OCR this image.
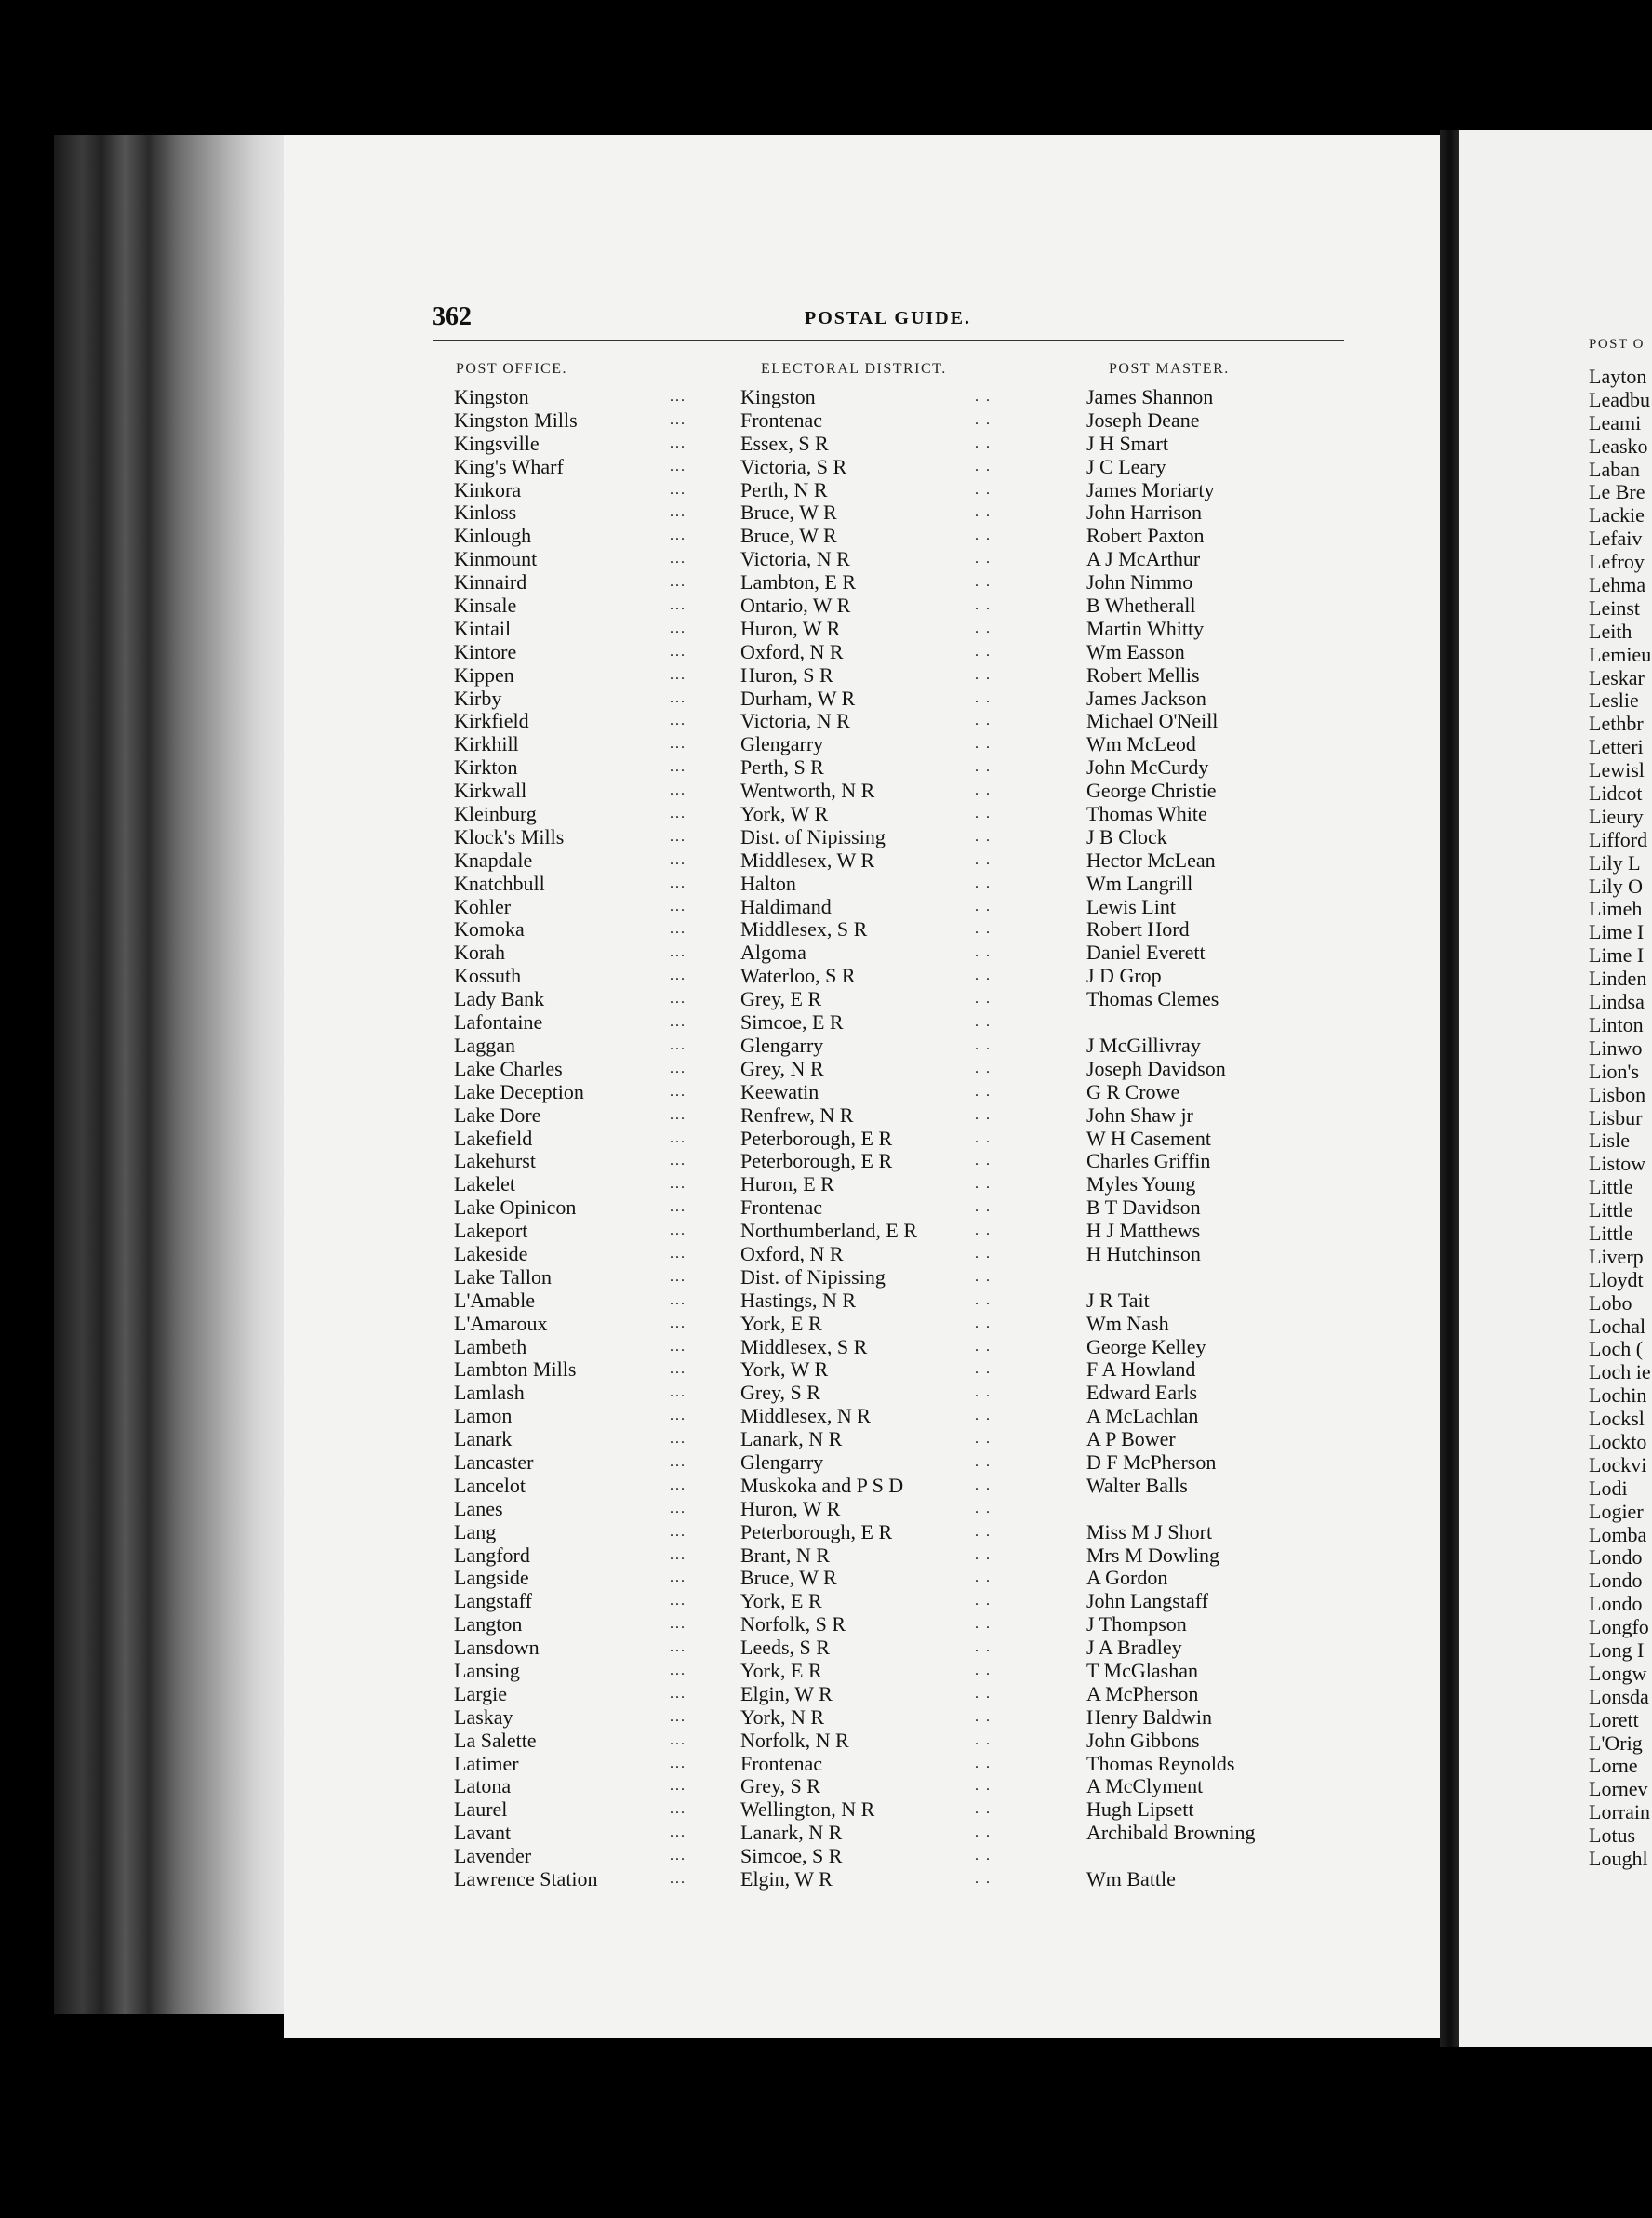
362	POSTAL GUIDE.
POST OFFICE.	ELECTORAL DISTRICT.	POST MASTER.
Kingston	...	Kingston	. .	James Shannon
Kingston Mills	...	Frontenac	. .	Joseph Deane
Kingsville	...	Essex, S R	. .	J H Smart
King's Wharf	...	Victoria, S R	. .	J C Leary
Kinkora	...	Perth, N R	. .	James Moriarty
Kinloss	...	Bruce, W R	. .	John Harrison
Kinlough	...	Bruce, W R	. .	Robert Paxton
Kinmount	...	Victoria, N R	. .	A J McArthur
Kinnaird	...	Lambton, E R	. .	John Nimmo
Kinsale	...	Ontario, W R	. .	B Whetherall
Kintail	...	Huron, W R	. .	Martin Whitty
Kintore	...	Oxford, N R	. .	Wm Easson
Kippen	...	Huron, S R	. .	Robert Mellis
Kirby	...	Durham, W R	. .	James Jackson
Kirkfield	...	Victoria, N R	. .	Michael O'Neill
Kirkhill	...	Glengarry	. .	Wm McLeod
Kirkton	...	Perth, S R	. .	John McCurdy
Kirkwall	...	Wentworth, N R	. .	George Christie
Kleinburg	...	York, W R	. .	Thomas White
Klock's Mills	...	Dist. of Nipissing	. .	J B Clock
Knapdale	...	Middlesex, W R	. .	Hector McLean
Knatchbull	...	Halton	. .	Wm Langrill
Kohler	...	Haldimand	. .	Lewis Lint
Komoka	...	Middlesex, S R	. .	Robert Hord
Korah	...	Algoma	. .	Daniel Everett
Kossuth	...	Waterloo, S R	. .	J D Grop
Lady Bank	...	Grey, E R	. .	Thomas Clemes
Lafontaine	...	Simcoe, E R	. .
Laggan	...	Glengarry	. .	J McGillivray
Lake Charles	...	Grey, N R	. .	Joseph Davidson
Lake Deception	...	Keewatin	. .	G R Crowe
Lake Dore	...	Renfrew, N R	. .	John Shaw jr
Lakefield	...	Peterborough, E R	. .	W H Casement
Lakehurst	...	Peterborough, E R	. .	Charles Griffin
Lakelet	...	Huron, E R	. .	Myles Young
Lake Opinicon	...	Frontenac	. .	B T Davidson
Lakeport	...	Northumberland, E R	. .	H J Matthews
Lakeside	...	Oxford, N R	. .	H Hutchinson
Lake Tallon	...	Dist. of Nipissing	. .
L'Amable	...	Hastings, N R	. .	J R Tait
L'Amaroux	...	York, E R	. .	Wm Nash
Lambeth	...	Middlesex, S R	. .	George Kelley
Lambton Mills	...	York, W R	. .	F A Howland
Lamlash	...	Grey, S R	. .	Edward Earls
Lamon	...	Middlesex, N R	. .	A McLachlan
Lanark	...	Lanark, N R	. .	A P Bower
Lancaster	...	Glengarry	. .	D F McPherson
Lancelot	...	Muskoka and P S D	. .	Walter Balls
Lanes	...	Huron, W R	. .
Lang	...	Peterborough, E R	. .	Miss M J Short
Langford	...	Brant, N R	. .	Mrs M Dowling
Langside	...	Bruce, W R	. .	A Gordon
Langstaff	...	York, E R	. .	John Langstaff
Langton	...	Norfolk, S R	. .	J Thompson
Lansdown	...	Leeds, S R	. .	J A Bradley
Lansing	...	York, E R	. .	T McGlashan
Largie	...	Elgin, W R	. .	A McPherson
Laskay	...	York, N R	. .	Henry Baldwin
La Salette	...	Norfolk, N R	. .	John Gibbons
Latimer	...	Frontenac	. .	Thomas Reynolds
Latona	...	Grey, S R	. .	A McClyment
Laurel	...	Wellington, N R	. .	Hugh Lipsett
Lavant	...	Lanark, N R	. .	Archibald Browning
Lavender	...	Simcoe, S R	. .
Lawrence Station	...	Elgin, W R	. .	Wm Battle
POST O
Layton
Leadbu
Leami
Leasko
Laban
Le Bre
Lackie
Lefaiv
Lefroy
Lehma
Leinst
Leith
Lemieu
Leskar
Leslie
Lethbr
Letteri
Lewisl
Lidcot
Lieury
Lifford
Lily L
Lily O
Limeh
Lime I
Lime I
Linden
Lindsa
Linton
Linwo
Lion's
Lisbon
Lisbur
Lisle
Listow
Little
Little
Little
Liverp
Lloydt
Lobo
Lochal
Loch (
Loch ie
Lochin
Locksl
Lockto
Lockvi
Lodi
Logier
Lomba
Londo
Londo
Londo
Longfo
Long I
Longw
Lonsda
Lorett
L'Orig
Lorne
Lornev
Lorrain
Lotus
Loughl
